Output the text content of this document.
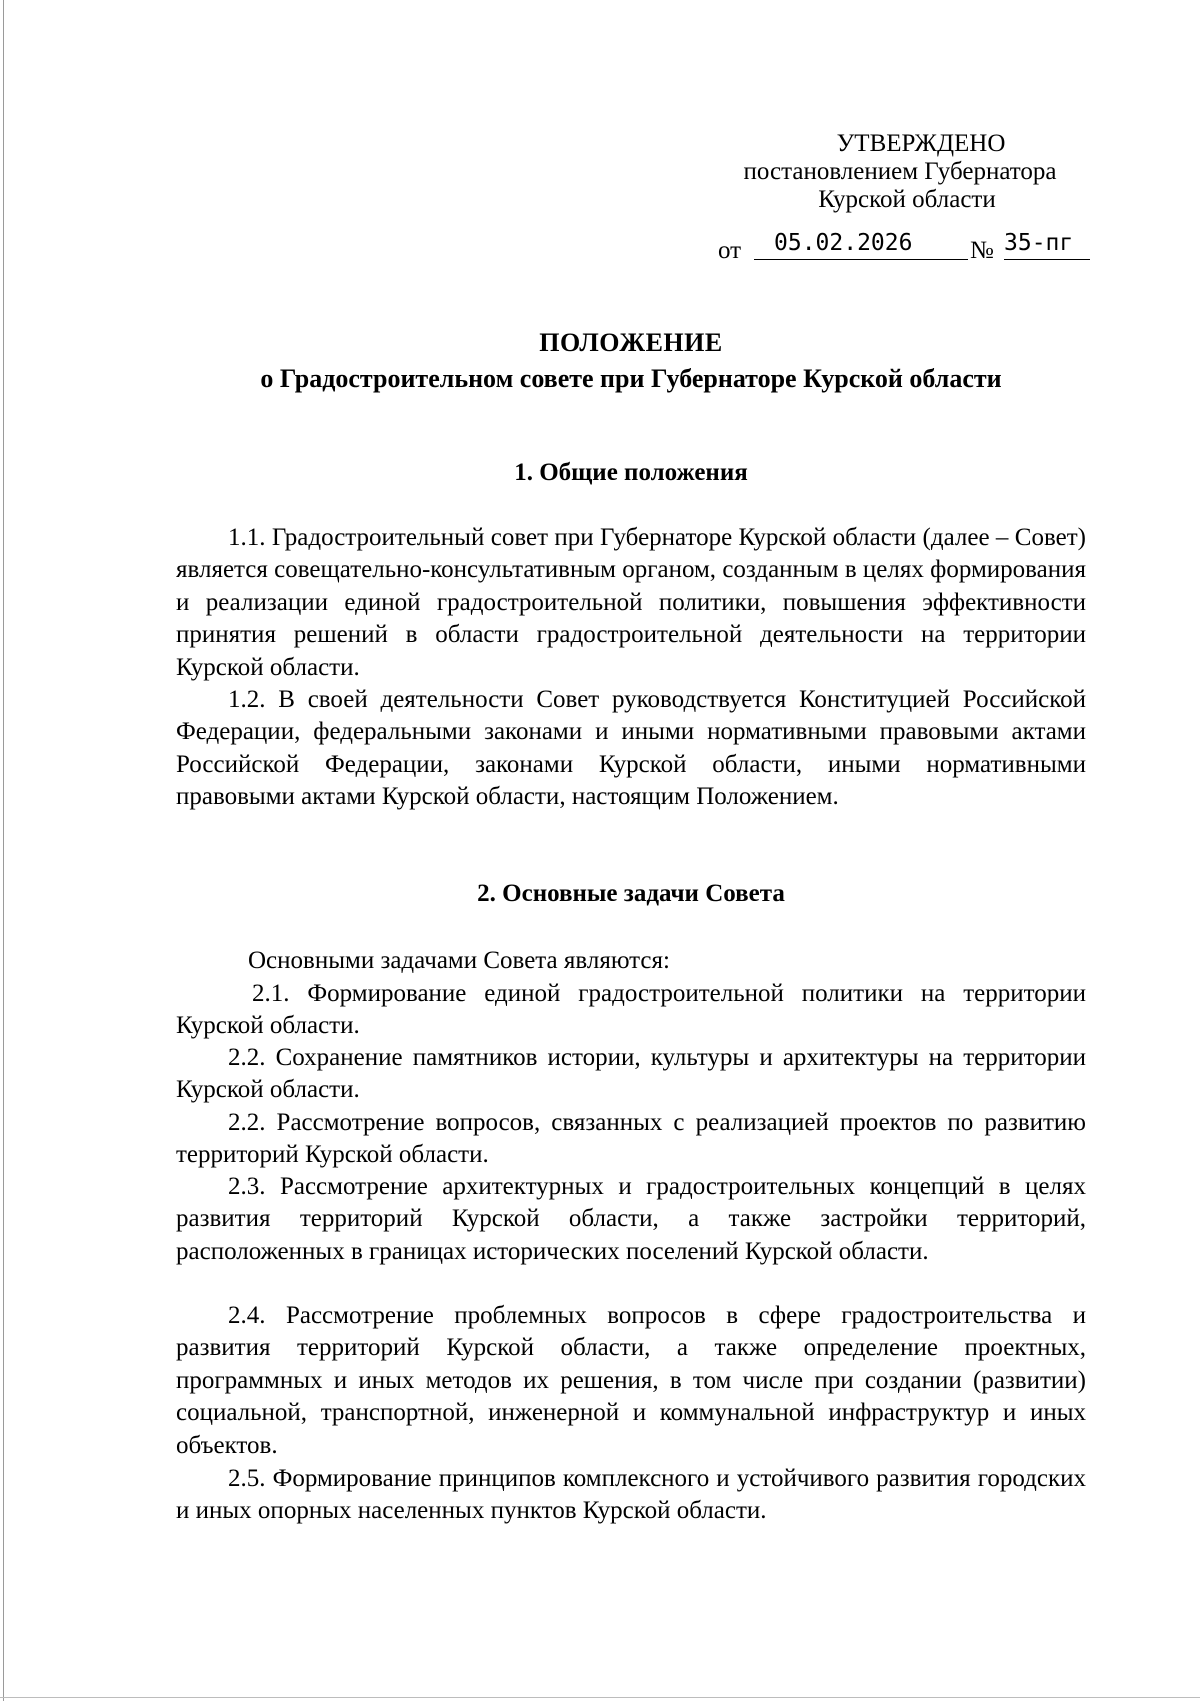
УТВЕРЖДЕНО
постановлением Губернатора
Курской области
от	05.02.2026	№ 35-пг
ПОЛОЖЕНИЕ
о Градостроительном совете при Губернаторе Курской области
1. Общие положения

1.1. Градостроительный совет при Губернаторе Курской области (далее – Совет) является совещательно-консультативным органом, созданным в целях формирования и реализации единой градостроительной политики, повышения эффективности принятия решений в области градостроительной деятельности на территории Курской области.

1.2. В своей деятельности Совет руководствуется Конституцией Российской Федерации, федеральными законами и иными нормативными правовыми актами Российской Федерации, законами Курской области, иными нормативными правовыми актами Курской области, настоящим Положением.

2. Основные задачи Совета

Основными задачами Совета являются:

2.1. Формирование единой градостроительной политики на территории Курской области.

2.2. Сохранение памятников истории, культуры и архитектуры на территории Курской области.

2.2. Рассмотрение вопросов, связанных с реализацией проектов по развитию территорий Курской области.

2.3. Рассмотрение архитектурных и градостроительных концепций в целях развития территорий Курской области, а также застройки территорий, расположенных в границах исторических поселений Курской области.

2.4. Рассмотрение проблемных вопросов в сфере градостроительства и развития территорий Курской области, а также определение проектных, программных и иных методов их решения, в том числе при создании (развитии) социальной, транспортной, инженерной и коммунальной инфраструктур и иных объектов.

2.5. Формирование принципов комплексного и устойчивого развития городских и иных опорных населенных пунктов Курской области.
